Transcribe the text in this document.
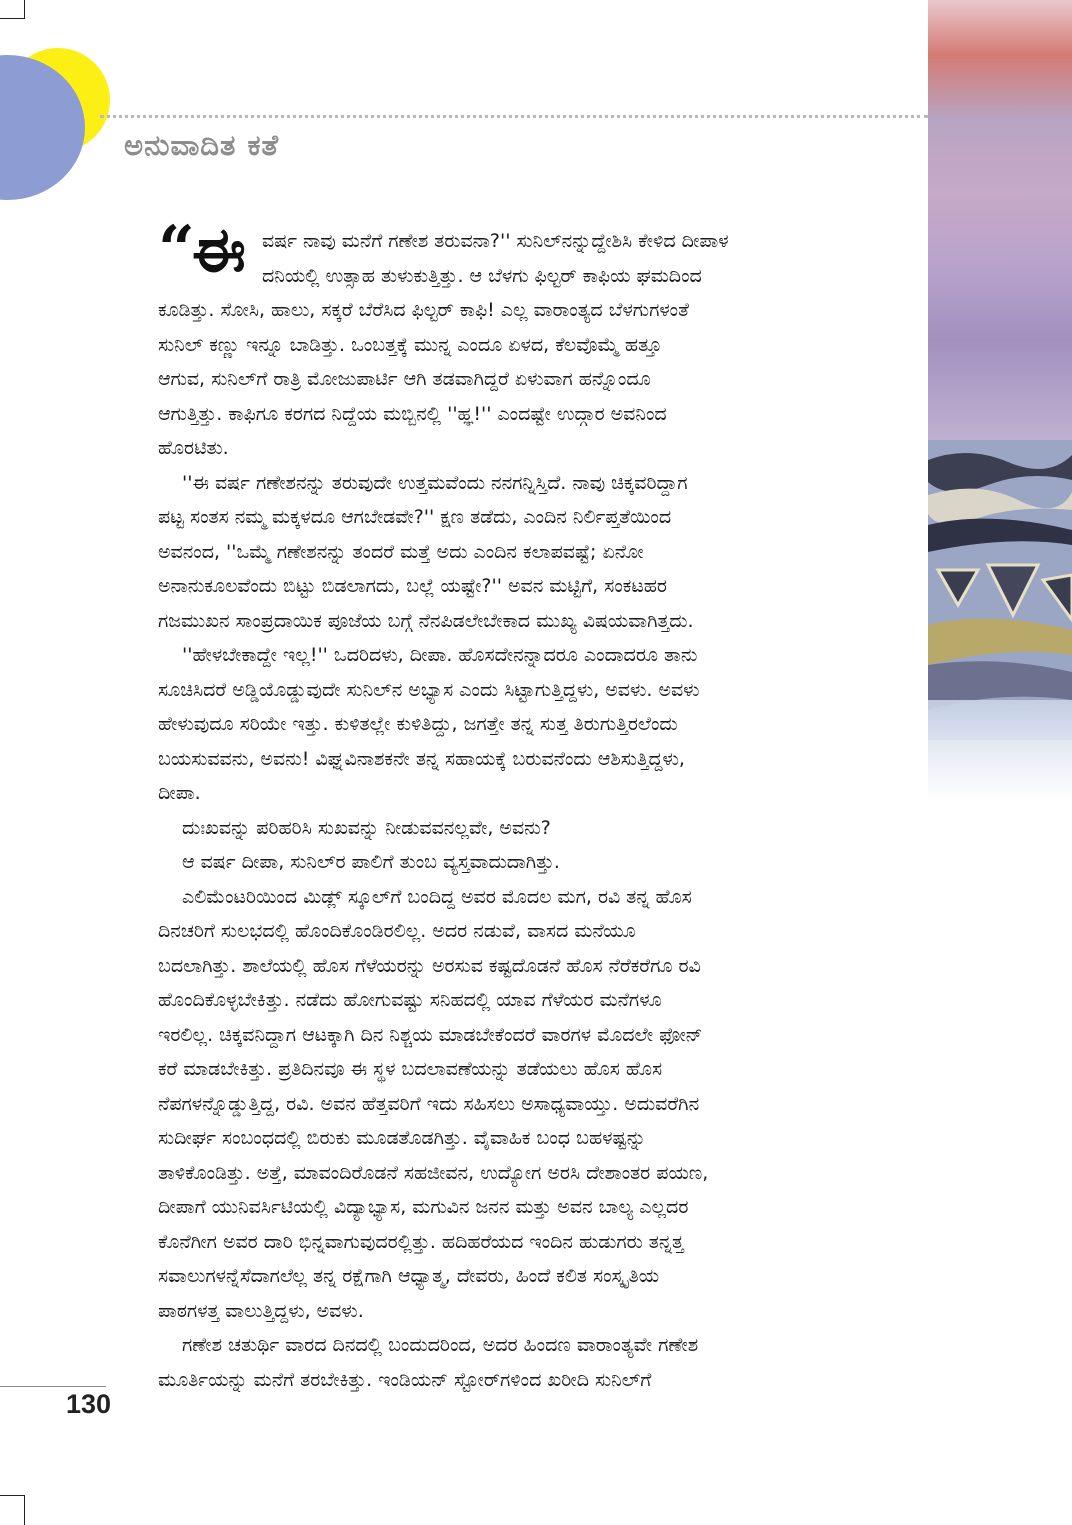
ಅನುವಾದಿತ ಕತೆ
“
ಈ ವರ್ಷ ನಾವು ಮನೆಗೆ ಗಣೇಶ ತರುವನಾ?'' ಸುನಿಲ್‌ನನ್ನುದ್ದೇಶಿಸಿ ಕೇಳಿದ ದೀಪಾಳ

ದನಿಯಲ್ಲಿ ಉತ್ಸಾಹ ತುಳುಕುತ್ತಿತ್ತು. ಆ ಬೆಳಗು ಫಿಲ್ಟರ್ ಕಾಫಿಯ ಘಮದಿಂದ

ಕೂಡಿತ್ತು. ಸೋಸಿ, ಹಾಲು, ಸಕ್ಕರೆ ಬೆರೆಸಿದ ಫಿಲ್ಟರ್ ಕಾಫಿ! ಎಲ್ಲ ವಾರಾಂತ್ಯದ ಬೆಳಗುಗಳಂತೆ

ಸುನಿಲ್ ಕಣ್ಣು ಇನ್ನೂ ಬಾಡಿತ್ತು. ಒಂಬತ್ತಕ್ಕೆ ಮುನ್ನ ಎಂದೂ ಏಳದ, ಕೆಲವೊಮ್ಮೆ ಹತ್ತೂ

ಆಗುವ, ಸುನಿಲ್‌ಗೆ ರಾತ್ರಿ ಮೋಜುಪಾರ್ಟಿ ಆಗಿ ತಡವಾಗಿದ್ದರೆ ಏಳುವಾಗ ಹನ್ನೊಂದೂ

ಆಗುತ್ತಿತ್ತು. ಕಾಫಿಗೂ ಕರಗದ ನಿದ್ದೆಯ ಮಬ್ಬಿನಲ್ಲಿ ''ಹ್ಞ!'' ಎಂದಷ್ಟೇ ಉದ್ಗಾರ ಅವನಿಂದ

ಹೊರಟಿತು.

''ಈ ವರ್ಷ ಗಣೇಶನನ್ನು ತರುವುದೇ ಉತ್ತಮವೆಂದು ನನಗನ್ನಿಸ್ತಿದೆ. ನಾವು ಚಿಕ್ಕವರಿದ್ದಾಗ

ಪಟ್ಟ ಸಂತಸ ನಮ್ಮ ಮಕ್ಕಳದೂ ಆಗಬೇಡವೇ?'' ಕ್ಷಣ ತಡೆದು, ಎಂದಿನ ನಿರ್ಲಿಪ್ತತೆಯಿಂದ

ಅವನಂದ, ''ಒಮ್ಮೆ ಗಣೇಶನನ್ನು ತಂದರೆ ಮತ್ತೆ ಅದು ಎಂದಿನ ಕಲಾಪವಷ್ಟೆ; ಏನೋ

ಅನಾನುಕೂಲವೆಂದು ಬಿಟ್ಟು ಬಿಡಲಾಗದು, ಬಲ್ಲೆ ಯಷ್ಟೇ?'' ಅವನ ಮಟ್ಟಿಗೆ, ಸಂಕಟಹರ

ಗಜಮುಖನ ಸಾಂಪ್ರದಾಯಿಕ ಪೂಜೆಯ ಬಗ್ಗೆ ನೆನಪಿಡಲೇಬೇಕಾದ ಮುಖ್ಯ ವಿಷಯವಾಗಿತ್ತದು.

''ಹೇಳಬೇಕಾದ್ದೇ ಇಲ್ಲ!'' ಒದರಿದಳು, ದೀಪಾ. ಹೊಸದೇನನ್ನಾದರೂ ಎಂದಾದರೂ ತಾನು

ಸೂಚಿಸಿದರೆ ಅಡ್ಡಿಯೊಡ್ಡುವುದೇ ಸುನಿಲ್‌ನ ಅಭ್ಯಾಸ ಎಂದು ಸಿಟ್ಟಾಗುತ್ತಿದ್ದಳು, ಅವಳು. ಅವಳು

ಹೇಳುವುದೂ ಸರಿಯೇ ಇತ್ತು. ಕುಳಿತಲ್ಲೇ ಕುಳಿತಿದ್ದು, ಜಗತ್ತೇ ತನ್ನ ಸುತ್ತ ತಿರುಗುತ್ತಿರಲೆಂದು

ಬಯಸುವವನು, ಅವನು! ವಿಘ್ನವಿನಾಶಕನೇ ತನ್ನ ಸಹಾಯಕ್ಕೆ ಬರುವನೆಂದು ಆಶಿಸುತ್ತಿದ್ದಳು,

ದೀಪಾ.

ದುಃಖವನ್ನು ಪರಿಹರಿಸಿ ಸುಖವನ್ನು ನೀಡುವವನಲ್ಲವೇ, ಅವನು?

ಆ ವರ್ಷ ದೀಪಾ, ಸುನಿಲ್‌ರ ಪಾಲಿಗೆ ತುಂಬ ವ್ಯಸ್ತವಾದುದಾಗಿತ್ತು.

ಎಲಿಮೆಂಟರಿಯಿಂದ ಮಿಡ್ಲ್ ಸ್ಕೂಲ್‌ಗೆ ಬಂದಿದ್ದ ಅವರ ಮೊದಲ ಮಗ, ರವಿ ತನ್ನ ಹೊಸ

ದಿನಚರಿಗೆ ಸುಲಭದಲ್ಲಿ ಹೊಂದಿಕೊಂಡಿರಲಿಲ್ಲ. ಅದರ ನಡುವೆ, ವಾಸದ ಮನೆಯೂ

ಬದಲಾಗಿತ್ತು. ಶಾಲೆಯಲ್ಲಿ ಹೊಸ ಗೆಳೆಯರನ್ನು ಅರಸುವ ಕಷ್ಟದೊಡನೆ ಹೊಸ ನೆರೆಕರೆಗೂ ರವಿ

ಹೊಂದಿಕೊಳ್ಳಬೇಕಿತ್ತು. ನಡೆದು ಹೋಗುವಷ್ಟು ಸನಿಹದಲ್ಲಿ ಯಾವ ಗೆಳೆಯರ ಮನೆಗಳೂ

ಇರಲಿಲ್ಲ. ಚಿಕ್ಕವನಿದ್ದಾಗ ಆಟಕ್ಕಾಗಿ ದಿನ ನಿಶ್ಚಯ ಮಾಡಬೇಕೆಂದರೆ ವಾರಗಳ ಮೊದಲೇ ಫೋನ್

ಕರೆ ಮಾಡಬೇಕಿತ್ತು. ಪ್ರತಿದಿನವೂ ಈ ಸ್ಥಳ ಬದಲಾವಣೆಯನ್ನು ತಡೆಯಲು ಹೊಸ ಹೊಸ

ನೆಪಗಳನ್ನೊಡ್ಡುತ್ತಿದ್ದ, ರವಿ. ಅವನ ಹೆತ್ತವರಿಗೆ ಇದು ಸಹಿಸಲು ಅಸಾಧ್ಯವಾಯ್ತು. ಅದುವರೆಗಿನ

ಸುದೀರ್ಘ ಸಂಬಂಧದಲ್ಲಿ ಬಿರುಕು ಮೂಡತೊಡಗಿತ್ತು. ವೈವಾಹಿಕ ಬಂಧ ಬಹಳಷ್ಟನ್ನು

ತಾಳಿಕೊಂಡಿತ್ತು. ಅತ್ತೆ, ಮಾವಂದಿರೊಡನೆ ಸಹಜೀವನ, ಉದ್ಯೋಗ ಅರಸಿ ದೇಶಾಂತರ ಪಯಣ,

ದೀಪಾಗೆ ಯುನಿವರ್ಸಿಟಿಯಲ್ಲಿ ವಿದ್ಯಾಭ್ಯಾಸ, ಮಗುವಿನ ಜನನ ಮತ್ತು ಅವನ ಬಾಲ್ಯ ಎಲ್ಲದರ

ಕೊನೆಗೀಗ ಅವರ ದಾರಿ ಭಿನ್ನವಾಗುವುದರಲ್ಲಿತ್ತು. ಹದಿಹರೆಯದ ಇಂದಿನ ಹುಡುಗರು ತನ್ನತ್ತ

ಸವಾಲುಗಳನ್ನೆಸೆದಾಗಲೆಲ್ಲ ತನ್ನ ರಕ್ಷೆಗಾಗಿ ಆಧ್ಯಾತ್ಮ, ದೇವರು, ಹಿಂದೆ ಕಲಿತ ಸಂಸ್ಕೃತಿಯ

ಪಾಠಗಳತ್ತ ವಾಲುತ್ತಿದ್ದಳು, ಅವಳು.

ಗಣೇಶ ಚತುರ್ಥಿ ವಾರದ ದಿನದಲ್ಲಿ ಬಂದುದರಿಂದ, ಅದರ ಹಿಂದಣ ವಾರಾಂತ್ಯವೇ ಗಣೇಶ

ಮೂರ್ತಿಯನ್ನು ಮನೆಗೆ ತರಬೇಕಿತ್ತು. ಇಂಡಿಯನ್ ಸ್ಟೋರ್‌ಗಳಿಂದ ಖರೀದಿ ಸುನಿಲ್‌ಗೆ

130
